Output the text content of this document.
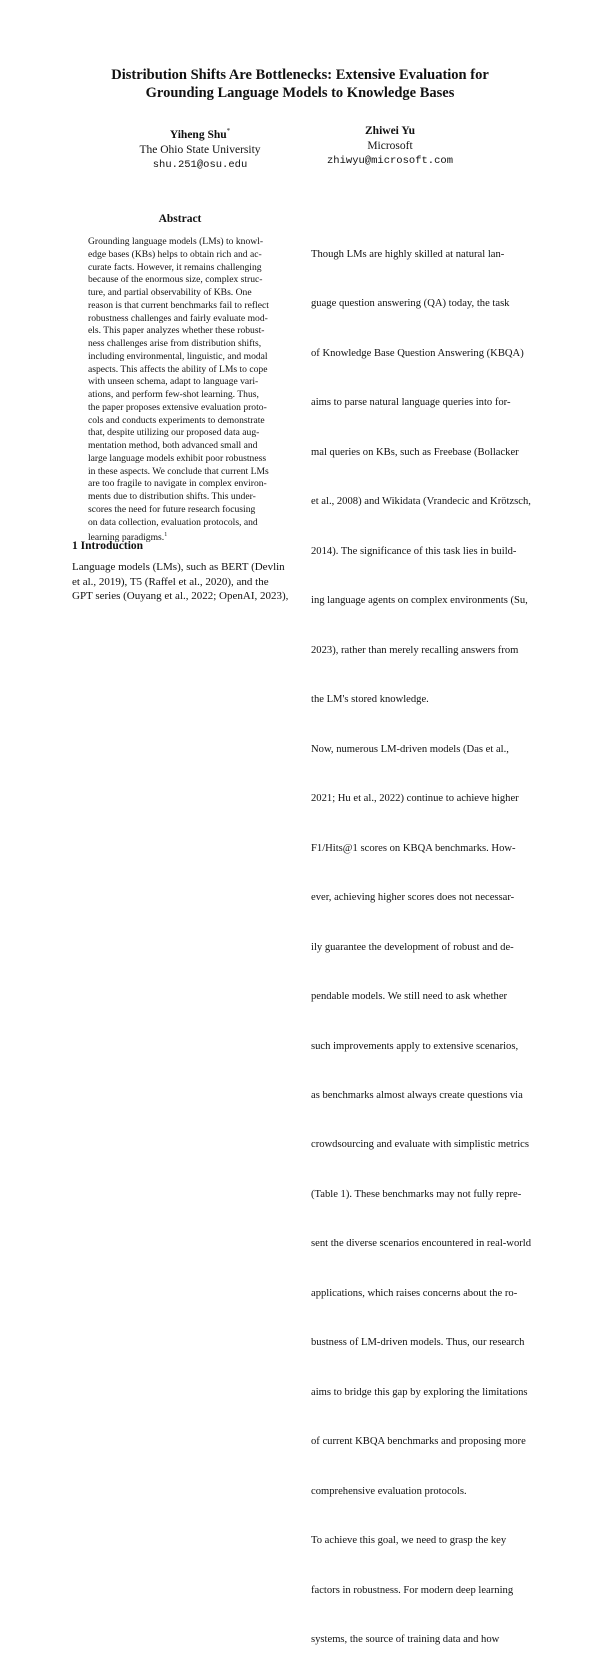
Distribution Shifts Are Bottlenecks: Extensive Evaluation for
Grounding Language Models to Knowledge Bases
Yiheng Shu*
The Ohio State University
shu.251@osu.edu
Zhiwei Yu
Microsoft
zhiwyu@microsoft.com
Abstract
Grounding language models (LMs) to knowl-
edge bases (KBs) helps to obtain rich and ac-
curate facts. However, it remains challenging
because of the enormous size, complex struc-
ture, and partial observability of KBs. One
reason is that current benchmarks fail to reflect
robustness challenges and fairly evaluate mod-
els. This paper analyzes whether these robust-
ness challenges arise from distribution shifts,
including environmental, linguistic, and modal
aspects. This affects the ability of LMs to cope
with unseen schema, adapt to language vari-
ations, and perform few-shot learning. Thus,
the paper proposes extensive evaluation proto-
cols and conducts experiments to demonstrate
that, despite utilizing our proposed data aug-
mentation method, both advanced small and
large language models exhibit poor robustness
in these aspects. We conclude that current LMs
are too fragile to navigate in complex environ-
ments due to distribution shifts. This under-
scores the need for future research focusing
on data collection, evaluation protocols, and
learning paradigms.$^1$
1 Introduction
Language models (LMs), such as BERT (Devlin
et al., 2019), T5 (Raffel et al., 2020), and the
GPT series (Ouyang et al., 2022; OpenAI, 2023),

Though LMs are highly skilled at natural lan-

guage question answering (QA) today, the task

of Knowledge Base Question Answering (KBQA)

aims to parse natural language queries into for-

mal queries on KBs, such as Freebase (Bollacker

et al., 2008) and Wikidata (Vrandecic and Krötzsch,

2014). The significance of this task lies in build-

ing language agents on complex environments (Su,

2023), rather than merely recalling answers from

the LM's stored knowledge.

Now, numerous LM-driven models (Das et al.,

2021; Hu et al., 2022) continue to achieve higher

F1/Hits@1 scores on KBQA benchmarks. How-

ever, achieving higher scores does not necessar-

ily guarantee the development of robust and de-

pendable models. We still need to ask whether

such improvements apply to extensive scenarios,

as benchmarks almost always create questions via

crowdsourcing and evaluate with simplistic metrics

(Table 1). These benchmarks may not fully repre-

sent the diverse scenarios encountered in real-world

applications, which raises concerns about the ro-

bustness of LM-driven models. Thus, our research

aims to bridge this gap by exploring the limitations

of current KBQA benchmarks and proposing more

comprehensive evaluation protocols.

To achieve this goal, we need to grasp the key

factors in robustness. For modern deep learning

systems, the source of training data and how
